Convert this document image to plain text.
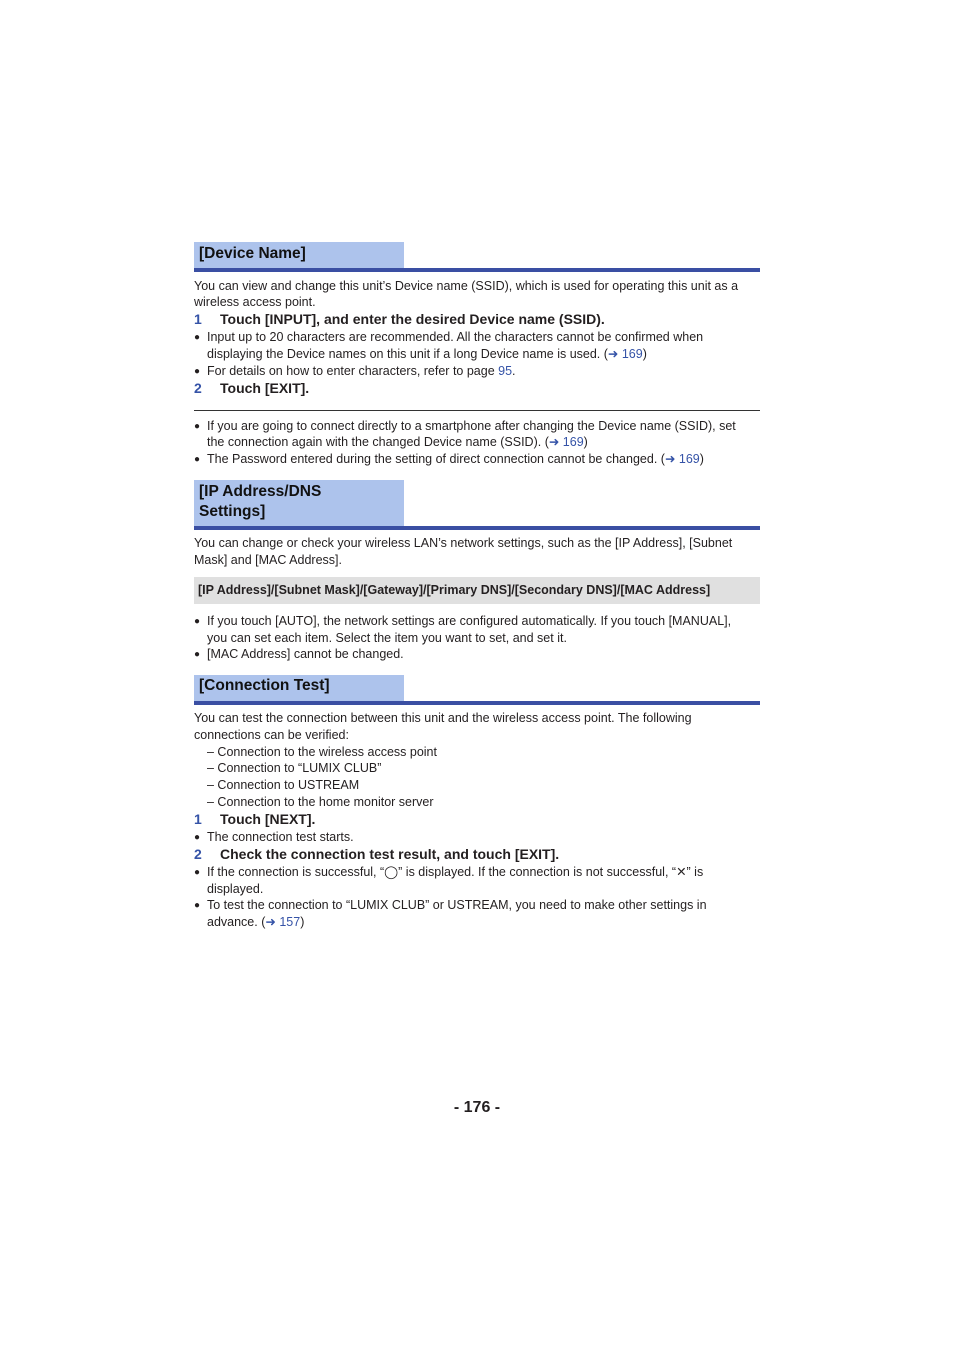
[Device Name]
You can view and change this unit’s Device name (SSID), which is used for operating this unit as a
wireless access point.
1 Touch [INPUT], and enter the desired Device name (SSID).
● Input up to 20 characters are recommended. All the characters cannot be confirmed when
displaying the Device names on this unit if a long Device name is used. (➜ 169)
● For details on how to enter characters, refer to page 95.
2 Touch [EXIT].
● If you are going to connect directly to a smartphone after changing the Device name (SSID), set
the connection again with the changed Device name (SSID). (➜ 169)
● The Password entered during the setting of direct connection cannot be changed. (➜ 169)
[IP Address/DNS
Settings]
You can change or check your wireless LAN’s network settings, such as the [IP Address], [Subnet
Mask] and [MAC Address].
[IP Address]/[Subnet Mask]/[Gateway]/[Primary DNS]/[Secondary DNS]/[MAC Address]
● If you touch [AUTO], the network settings are configured automatically. If you touch [MANUAL],
you can set each item. Select the item you want to set, and set it.
● [MAC Address] cannot be changed.
[Connection Test]
You can test the connection between this unit and the wireless access point. The following
connections can be verified:
– Connection to the wireless access point
– Connection to “LUMIX CLUB”
– Connection to USTREAM
– Connection to the home monitor server
1 Touch [NEXT].
● The connection test starts.
2 Check the connection test result, and touch [EXIT].
● If the connection is successful, “◯” is displayed. If the connection is not successful, “✕” is
displayed.
● To test the connection to “LUMIX CLUB” or USTREAM, you need to make other settings in
advance. (➜ 157)
- 176 -
